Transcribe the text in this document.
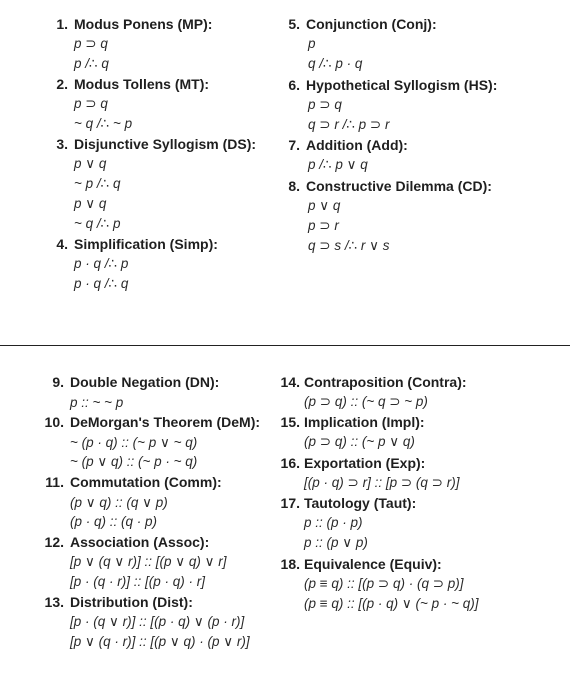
1. Modus Ponens (MP):
p ⊃ q
p /∴ q
2. Modus Tollens (MT):
p ⊃ q
~ q /∴ ~ p
3. Disjunctive Syllogism (DS):
p ∨ q
~ p /∴ q
p ∨ q
~ q /∴ p
4. Simplification (Simp):
p · q /∴ p
p · q /∴ q
5. Conjunction (Conj):
p
q /∴ p · q
6. Hypothetical Syllogism (HS):
p ⊃ q
q ⊃ r /∴ p ⊃ r
7. Addition (Add):
p /∴ p ∨ q
8. Constructive Dilemma (CD):
p ∨ q
p ⊃ r
q ⊃ s /∴ r ∨ s
9. Double Negation (DN):
p :: ~ ~ p
10. DeMorgan's Theorem (DeM):
~ (p · q) :: (~ p ∨ ~ q)
~ (p ∨ q) :: (~ p · ~ q)
11. Commutation (Comm):
(p ∨ q) :: (q ∨ p)
(p · q) :: (q · p)
12. Association (Assoc):
[p ∨ (q ∨ r)] :: [(p ∨ q) ∨ r]
[p · (q · r)] :: [(p · q) · r]
13. Distribution (Dist):
[p · (q ∨ r)] :: [(p · q) ∨ (p · r)]
[p ∨ (q · r)] :: [(p ∨ q) · (p ∨ r)]
14. Contraposition (Contra):
(p ⊃ q) :: (~ q ⊃ ~ p)
15. Implication (Impl):
(p ⊃ q) :: (~ p ∨ q)
16. Exportation (Exp):
[(p · q) ⊃ r] :: [p ⊃ (q ⊃ r)]
17. Tautology (Taut):
p :: (p · p)
p :: (p ∨ p)
18. Equivalence (Equiv):
(p ≡ q) :: [(p ⊃ q) · (q ⊃ p)]
(p ≡ q) :: [(p · q) ∨ (~ p · ~ q)]
